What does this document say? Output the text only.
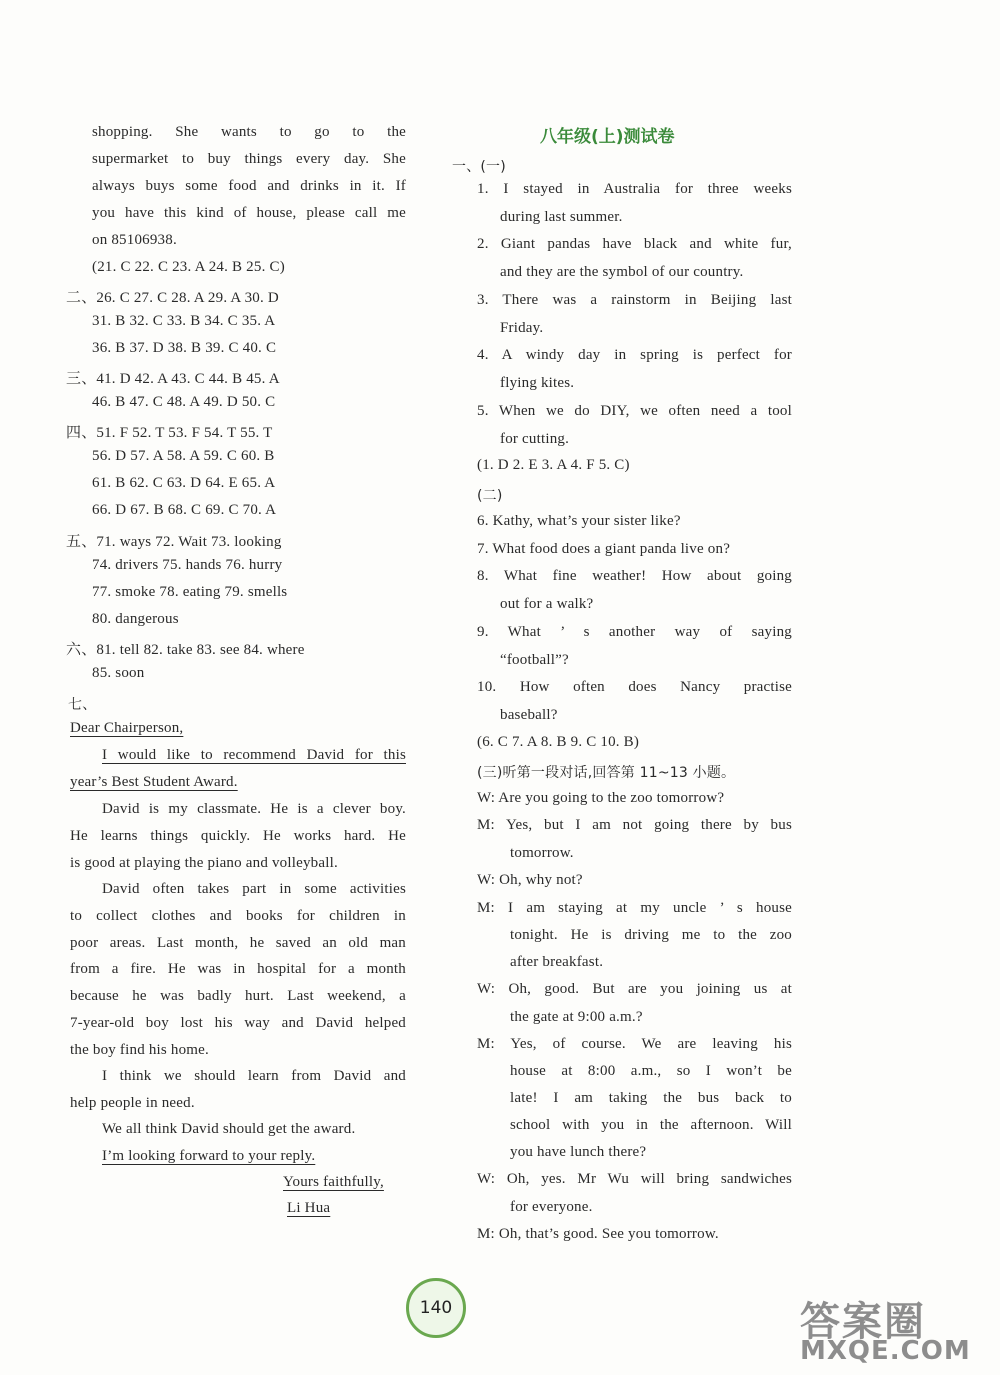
shopping. She wants to go to the
supermarket to buy things every day. She
always buys some food and drinks in it. If
you have this kind of house, please call me
on 85106938.
(21. C 22. C 23. A 24. B 25. C)
二、26. C 27. C 28. A 29. A 30. D
31. B 32. C 33. B 34. C 35. A
36. B 37. D 38. B 39. C 40. C
三、41. D 42. A 43. C 44. B 45. A
46. B 47. C 48. A 49. D 50. C
四、51. F 52. T 53. F 54. T 55. T
56. D 57. A 58. A 59. C 60. B
61. B 62. C 63. D 64. E 65. A
66. D 67. B 68. C 69. C 70. A
五、71. ways 72. Wait 73. looking
74. drivers 75. hands 76. hurry
77. smoke 78. eating 79. smells
80. dangerous
六、81. tell 82. take 83. see 84. where
85. soon
七、
Dear Chairperson,
I would like to recommend David for this
year’s Best Student Award.
David is my classmate. He is a clever boy.
He learns things quickly. He works hard. He
is good at playing the piano and volleyball.
David often takes part in some activities
to collect clothes and books for children in
poor areas. Last month, he saved an old man
from a fire. He was in hospital for a month
because he was badly hurt. Last weekend, a
7-year-old boy lost his way and David helped
the boy find his home.
I think we should learn from David and
help people in need.
We all think David should get the award.
I’m looking forward to your reply.
Yours faithfully,
Li Hua
八年级(上)测试卷
一、(一)
1. I stayed in Australia for three weeks
during last summer.
2. Giant pandas have black and white fur,
and they are the symbol of our country.
3. There was a rainstorm in Beijing last
Friday.
4. A windy day in spring is perfect for
flying kites.
5. When we do DIY, we often need a tool
for cutting.
(1. D 2. E 3. A 4. F 5. C)
(二)
6. Kathy, what’s your sister like?
7. What food does a giant panda live on?
8. What fine weather! How about going
out for a walk?
9. What ’ s another way of saying
“football”?
10. How often does Nancy practise
baseball?
(6. C 7. A 8. B 9. C 10. B)
(三)听第一段对话,回答第 11~13 小题。
W: Are you going to the zoo tomorrow?
M: Yes, but I am not going there by bus
tomorrow.
W: Oh, why not?
M: I am staying at my uncle ’ s house
tonight. He is driving me to the zoo
after breakfast.
W: Oh, good. But are you joining us at
the gate at 9:00 a.m.?
M: Yes, of course. We are leaving his
house at 8:00 a.m., so I won’t be
late! I am taking the bus back to
school with you in the afternoon. Will
you have lunch there?
W: Oh, yes. Mr Wu will bring sandwiches
for everyone.
M: Oh, that’s good. See you tomorrow.
140	答案圈
MXQE.COM
